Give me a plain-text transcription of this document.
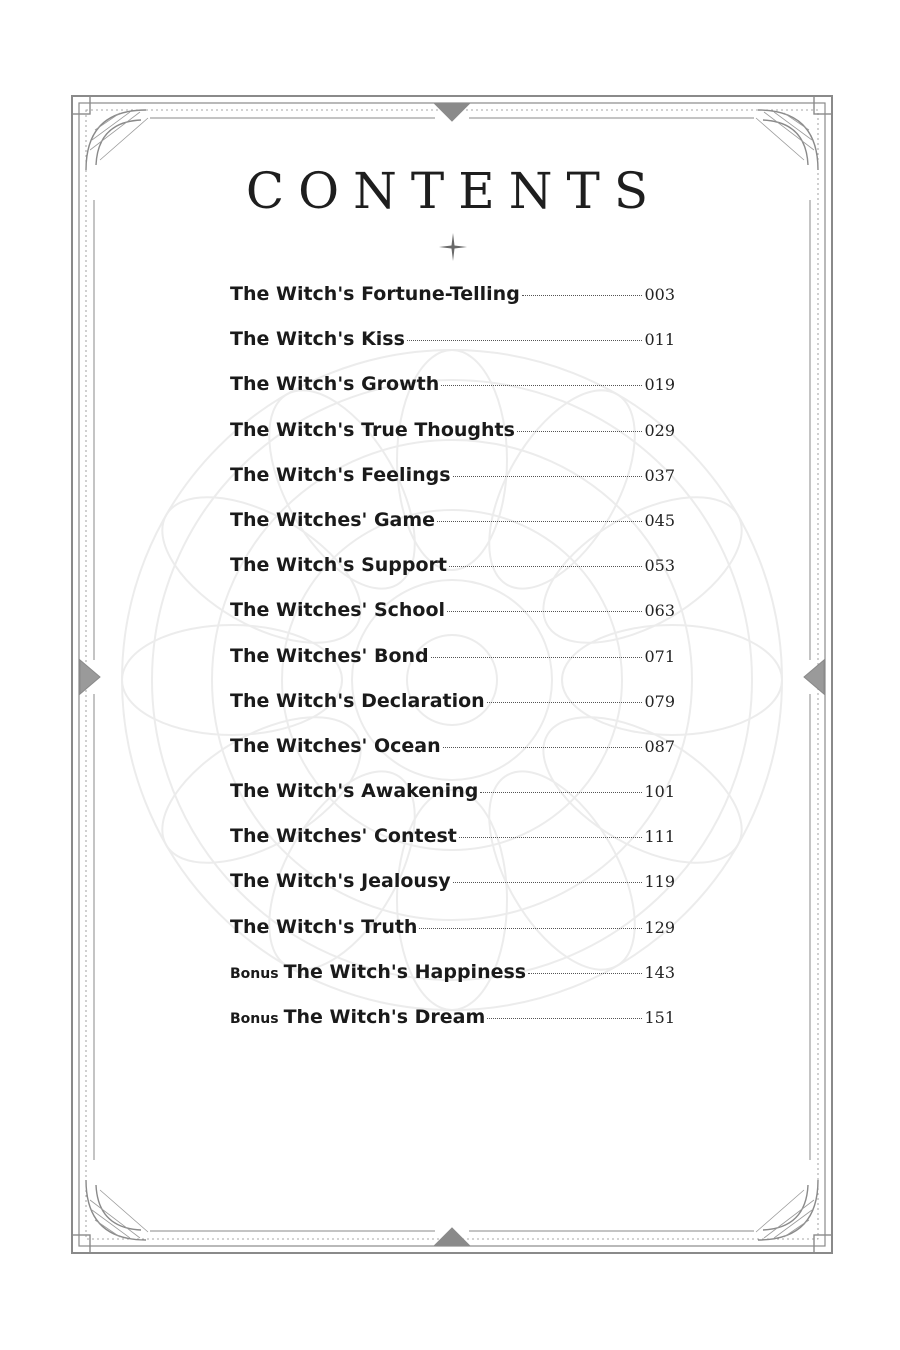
CONTENTS
The Witch's Fortune-Telling	003
The Witch's Kiss	011
The Witch's Growth	019
The Witch's True Thoughts	029
The Witch's Feelings	037
The Witches' Game	045
The Witch's Support	053
The Witches' School	063
The Witches' Bond	071
The Witch's Declaration	079
The Witches' Ocean	087
The Witch's Awakening	101
The Witches' Contest	111
The Witch's Jealousy	119
The Witch's Truth	129
Bonus The Witch's Happiness	143
Bonus The Witch's Dream	151
